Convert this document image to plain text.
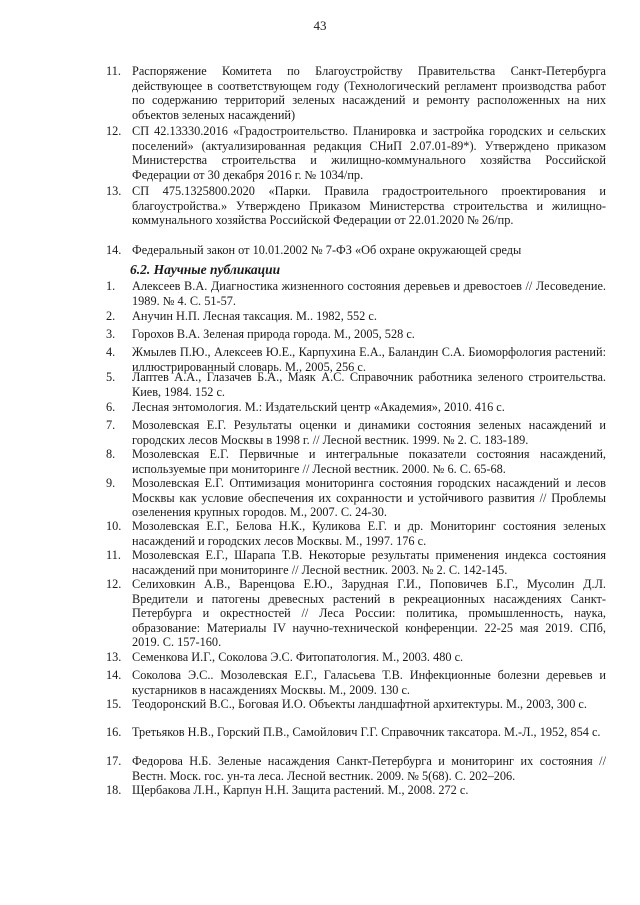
43
11. Распоряжение Комитета по Благоустройству Правительства Санкт-Петербурга действующее в соответствующем году (Технологический регламент производства работ по содержанию территорий зеленых насаждений и ремонту расположенных на них объектов зеленых насаждений)
12. СП 42.13330.2016 «Градостроительство. Планировка и застройка городских и сельских поселений» (актуализированная редакция СНиП 2.07.01-89*). Утверждено приказом Министерства строительства и жилищно-коммунального хозяйства Российской Федерации от 30 декабря 2016 г. № 1034/пр.
13. СП 475.1325800.2020 «Парки. Правила градостроительного проектирования и благоустройства.» Утверждено Приказом Министерства строительства и жилищно-коммунального хозяйства Российской Федерации от 22.01.2020 № 26/пр.
14. Федеральный закон от 10.01.2002 № 7-ФЗ «Об охране окружающей среды
6.2. Научные публикации
1.	Алексеев В.А. Диагностика жизненного состояния деревьев и древостоев // Лесоведение. 1989. № 4. С. 51-57.
2.	Анучин Н.П. Лесная таксация. М.. 1982, 552 с.
3.	Горохов В.А. Зеленая природа города. М., 2005, 528 с.
4.	Жмылев П.Ю., Алексеев Ю.Е., Карпухина Е.А., Баландин С.А. Биоморфология растений: иллюстрированный словарь. М., 2005, 256 с.
5.	Лаптев А.А., Глазачев Б.А., Маяк А.С. Справочник работника зеленого строительства. Киев, 1984. 152 с.
6.	Лесная энтомология. М.: Издательский центр «Академия», 2010. 416 с.
7.	Мозолевская Е.Г. Результаты оценки и динамики состояния зеленых насаждений и городских лесов Москвы в 1998 г. // Лесной вестник. 1999. № 2. С. 183-189.
8.	Мозолевская Е.Г. Первичные и интегральные показатели состояния насаждений, используемые при мониторинге // Лесной вестник. 2000. № 6. С. 65-68.
9.	Мозолевская Е.Г. Оптимизация мониторинга состояния городских насаждений и лесов Москвы как условие обеспечения их сохранности и устойчивого развития // Проблемы озеленения крупных городов. М., 2007. С. 24-30.
10. Мозолевская Е.Г., Белова Н.К., Куликова Е.Г. и др. Мониторинг состояния зеленых насаждений и городских лесов Москвы. М., 1997. 176 с.
11. Мозолевская Е.Г., Шарапа Т.В. Некоторые результаты применения индекса состояния насаждений при мониторинге // Лесной вестник. 2003. № 2. С. 142-145.
12. Селиховкин А.В., Варенцова Е.Ю., Зарудная Г.И., Поповичев Б.Г., Мусолин Д.Л. Вредители и патогены древесных растений в рекреационных насаждениях Санкт-Петербурга и окрестностей // Леса России: политика, промышленность, наука, образование: Материалы IV научно-технической конференции. 22-25 мая 2019. СПб, 2019. С. 157-160.
13. Семенкова И.Г., Соколова Э.С. Фитопатология. М., 2003. 480 с.
14. Соколова Э.С.. Мозолевская Е.Г., Галасьева Т.В. Инфекционные болезни деревьев и кустарников в насаждениях Москвы. М., 2009. 130 с.
15. Теодоронский В.С., Боговая И.О. Объекты ландшафтной архитектуры. М., 2003, 300 с.
16. Третьяков Н.В., Горский П.В., Самойлович Г.Г. Справочник таксатора. М.-Л., 1952, 854 с.
17. Федорова Н.Б. Зеленые насаждения Санкт-Петербурга и мониторинг их состояния // Вестн. Моск. гос. ун-та леса. Лесной вестник. 2009. № 5(68). С. 202–206.
18. Щербакова Л.Н., Карпун Н.Н. Защита растений. М., 2008. 272 с.
